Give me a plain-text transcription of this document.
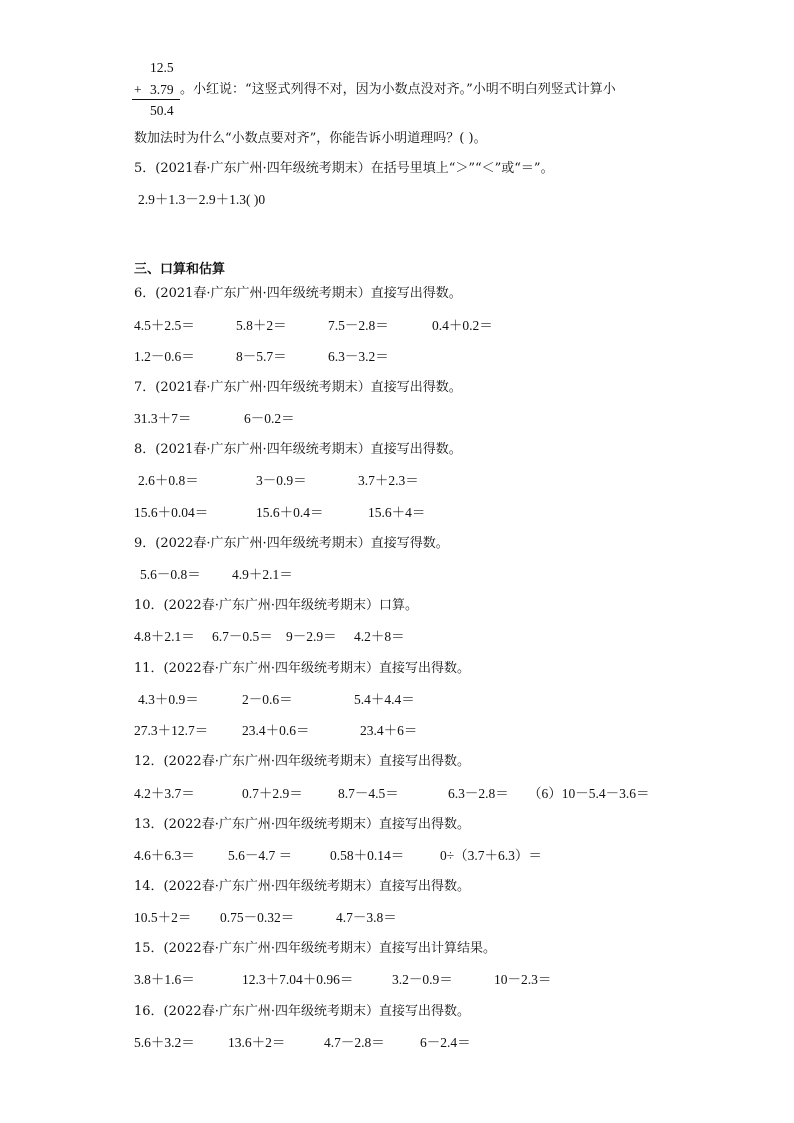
12.5
+ 3.79
50.4
。小红说：“这竖式列得不对，因为小数点没对齐。”小明不明白列竖式计算小
数加法时为什么“小数点要对齐”，你能告诉小明道理吗？( )。
5．(2021春·广东广州·四年级统考期末）在括号里填上“＞”“＜”或“＝”。
2.9＋1.3－2.9＋1.3( )0
三、口算和估算
6．(2021春·广东广州·四年级统考期末）直接写出得数。
4.5＋2.5＝	5.8＋2＝	7.5－2.8＝	0.4＋0.2＝
1.2－0.6＝	8－5.7＝	6.3－3.2＝
7．(2021春·广东广州·四年级统考期末）直接写出得数。
31.3＋7＝	6－0.2＝
8．(2021春·广东广州·四年级统考期末）直接写出得数。
2.6＋0.8＝	3－0.9＝	3.7＋2.3＝
15.6＋0.04＝	15.6＋0.4＝	15.6＋4＝
9．(2022春·广东广州·四年级统考期末）直接写得数。
5.6－0.8＝ 4.9＋2.1＝
10．(2022春·广东广州·四年级统考期末）口算。
4.8＋2.1＝ 6.7－0.5＝ 9－2.9＝ 4.2＋8＝
11．(2022春·广东广州·四年级统考期末）直接写出得数。
4.3＋0.9＝	2－0.6＝	5.4＋4.4＝
27.3＋12.7＝	23.4＋0.6＝	23.4＋6＝
12．(2022春·广东广州·四年级统考期末）直接写出得数。
4.2＋3.7＝	0.7＋2.9＝	8.7－4.5＝	6.3－2.8＝ （6）10－5.4－3.6＝
13．(2022春·广东广州·四年级统考期末）直接写出得数。
4.6＋6.3＝ 5.6－4.7 ＝	0.58＋0.14＝	0÷（3.7＋6.3）＝
14．(2022春·广东广州·四年级统考期末）直接写出得数。
10.5＋2＝ 0.75－0.32＝	4.7－3.8＝
15．(2022春·广东广州·四年级统考期末）直接写出计算结果。
3.8＋1.6＝	12.3＋7.04＋0.96＝	3.2－0.9＝	10－2.3＝
16．(2022春·广东广州·四年级统考期末）直接写出得数。
5.6＋3.2＝ 13.6＋2＝	4.7－2.8＝	6－2.4＝
